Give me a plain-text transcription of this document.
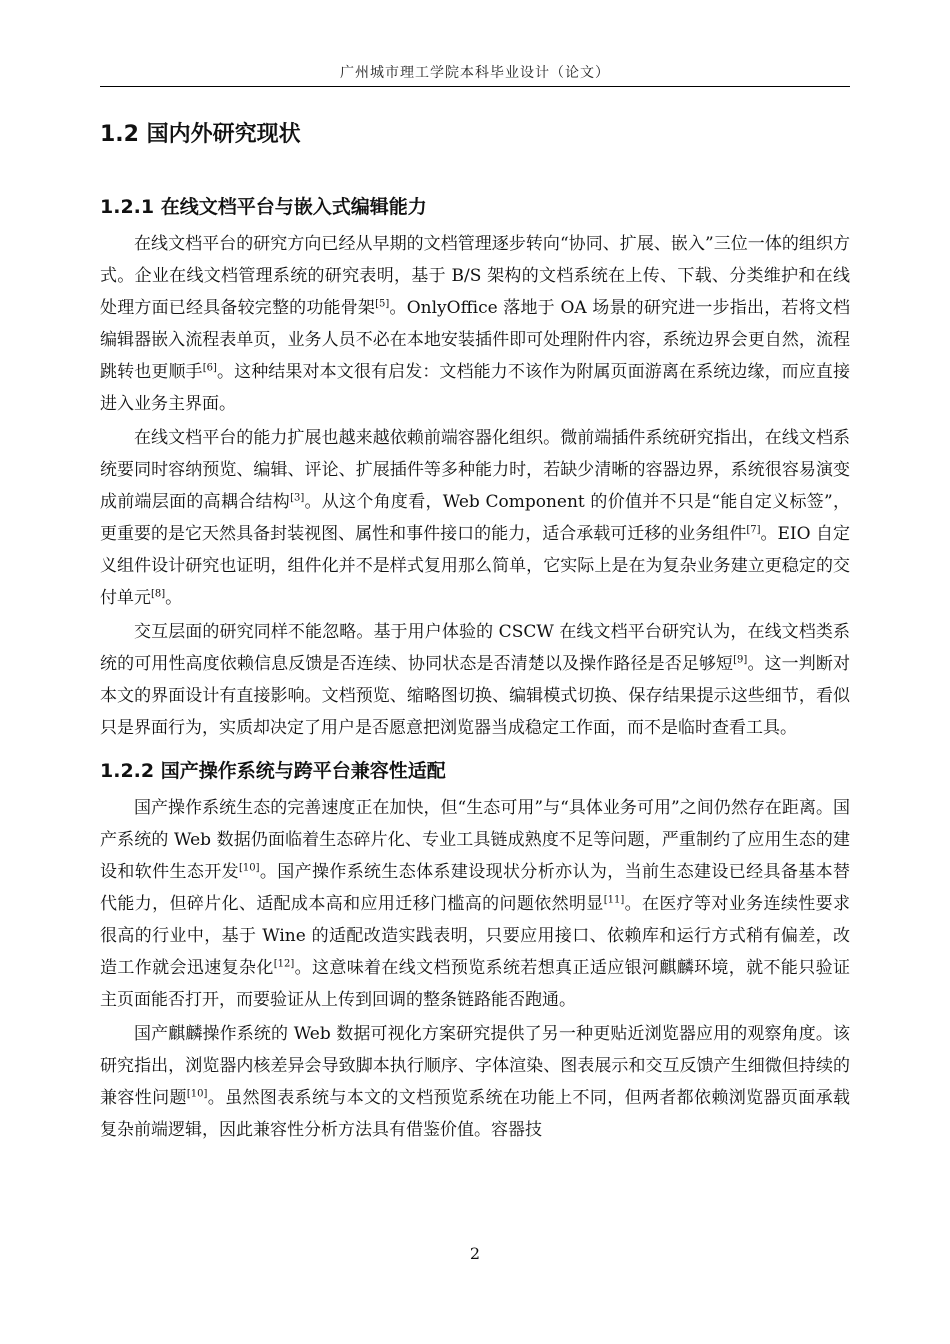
广州城市理工学院本科毕业设计（论文）
1.2 国内外研究现状
1.2.1 在线文档平台与嵌入式编辑能力

在线文档平台的研究方向已经从早期的文档管理逐步转向“协同、扩展、嵌入”三位一体的组织方式。企业在线文档管理系统的研究表明，基于 B/S 架构的文档系统在上传、下载、分类维护和在线处理方面已经具备较完整的功能骨架[5]。OnlyOffice 落地于 OA 场景的研究进一步指出，若将文档编辑器嵌入流程表单页，业务人员不必在本地安装插件即可处理附件内容，系统边界会更自然，流程跳转也更顺手[6]。这种结果对本文很有启发：文档能力不该作为附属页面游离在系统边缘，而应直接进入业务主界面。

在线文档平台的能力扩展也越来越依赖前端容器化组织。微前端插件系统研究指出，在线文档系统要同时容纳预览、编辑、评论、扩展插件等多种能力时，若缺少清晰的容器边界，系统很容易演变成前端层面的高耦合结构[3]。从这个角度看，Web Component 的价值并不只是“能自定义标签”，更重要的是它天然具备封装视图、属性和事件接口的能力，适合承载可迁移的业务组件[7]。EIO 自定义组件设计研究也证明，组件化并不是样式复用那么简单，它实际上是在为复杂业务建立更稳定的交付单元[8]。

交互层面的研究同样不能忽略。基于用户体验的 CSCW 在线文档平台研究认为，在线文档类系统的可用性高度依赖信息反馈是否连续、协同状态是否清楚以及操作路径是否足够短[9]。这一判断对本文的界面设计有直接影响。文档预览、缩略图切换、编辑模式切换、保存结果提示这些细节，看似只是界面行为，实质却决定了用户是否愿意把浏览器当成稳定工作面，而不是临时查看工具。

1.2.2 国产操作系统与跨平台兼容性适配

国产操作系统生态的完善速度正在加快，但“生态可用”与“具体业务可用”之间仍然存在距离。国产系统的 Web 数据仍面临着生态碎片化、专业工具链成熟度不足等问题，严重制约了应用生态的建设和软件生态开发[10]。国产操作系统生态体系建设现状分析亦认为，当前生态建设已经具备基本替代能力，但碎片化、适配成本高和应用迁移门槛高的问题依然明显[11]。在医疗等对业务连续性要求很高的行业中，基于 Wine 的适配改造实践表明，只要应用接口、依赖库和运行方式稍有偏差，改造工作就会迅速复杂化[12]。这意味着在线文档预览系统若想真正适应银河麒麟环境，就不能只验证主页面能否打开，而要验证从上传到回调的整条链路能否跑通。

国产麒麟操作系统的 Web 数据可视化方案研究提供了另一种更贴近浏览器应用的观察角度。该研究指出，浏览器内核差异会导致脚本执行顺序、字体渲染、图表展示和交互反馈产生细微但持续的兼容性问题[10]。虽然图表系统与本文的文档预览系统在功能上不同，但两者都依赖浏览器页面承载复杂前端逻辑，因此兼容性分析方法具有借鉴价值。容器技

2
